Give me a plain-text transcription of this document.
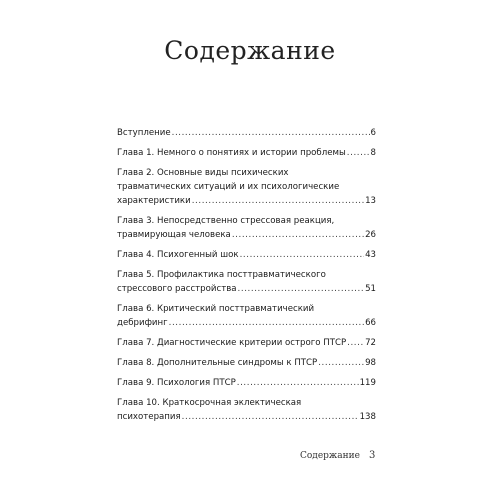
Содержание
Вступление .....	6
Глава 1. Немного о понятиях и истории проблемы .....	8
Глава 2. Основные виды психических
травматических ситуаций и их психологические
характеристики .....	13
Глава 3. Непосредственно стрессовая реакция,
травмирующая человека .....	26
Глава 4. Психогенный шок .....	43
Глава 5. Профилактика посттравматического
стрессового расстройства .....	51
Глава 6. Критический посттравматический
дебрифинг .....	66
Глава 7. Диагностические критерии острого ПТСР ..... 72
Глава 8. Дополнительные синдромы к ПТСР .....	98
Глава 9. Психология ПТСР .....	119
Глава 10. Краткосрочная эклектическая
психотерапия .....	138
Содержание 3
